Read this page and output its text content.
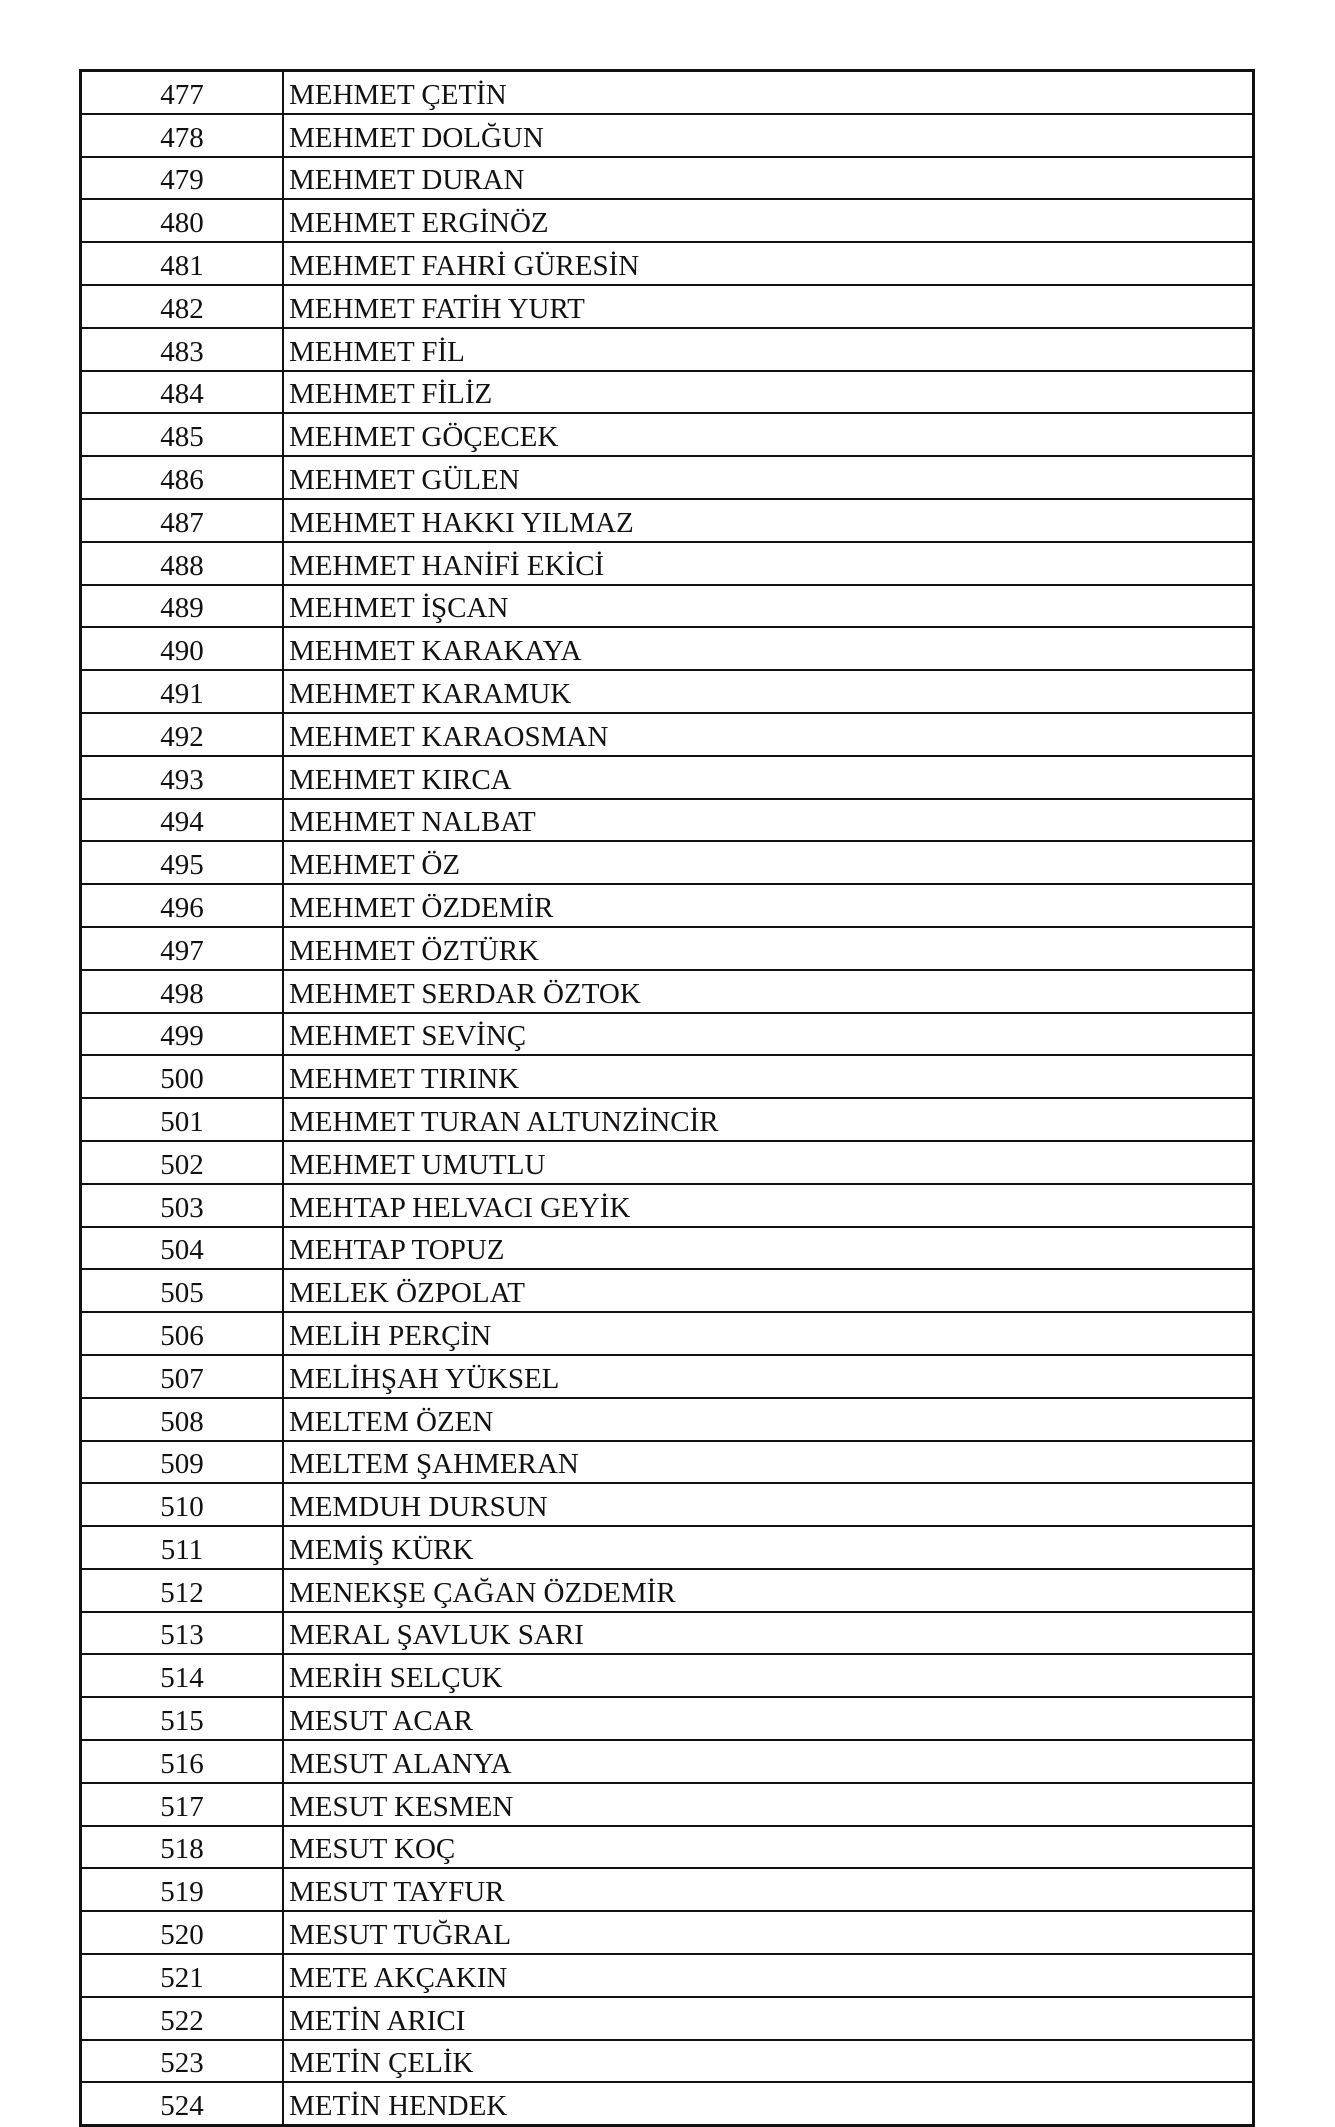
477	MEHMET ÇETİN
478	MEHMET DOLĞUN
479	MEHMET DURAN
480	MEHMET ERGİNÖZ
481	MEHMET FAHRİ GÜRESİN
482	MEHMET FATİH YURT
483	MEHMET FİL
484	MEHMET FİLİZ
485	MEHMET GÖÇECEK
486	MEHMET GÜLEN
487	MEHMET HAKKI YILMAZ
488	MEHMET HANİFİ EKİCİ
489	MEHMET İŞCAN
490	MEHMET KARAKAYA
491	MEHMET KARAMUK
492	MEHMET KARAOSMAN
493	MEHMET KIRCA
494	MEHMET NALBAT
495	MEHMET ÖZ
496	MEHMET ÖZDEMİR
497	MEHMET ÖZTÜRK
498	MEHMET SERDAR ÖZTOK
499	MEHMET SEVİNÇ
500	MEHMET TIRINK
501	MEHMET TURAN ALTUNZİNCİR
502	MEHMET UMUTLU
503	MEHTAP HELVACI GEYİK
504	MEHTAP TOPUZ
505	MELEK ÖZPOLAT
506	MELİH PERÇİN
507	MELİHŞAH YÜKSEL
508	MELTEM ÖZEN
509	MELTEM ŞAHMERAN
510	MEMDUH DURSUN
511	MEMİŞ KÜRK
512	MENEKŞE ÇAĞAN ÖZDEMİR
513	MERAL ŞAVLUK SARI
514	MERİH SELÇUK
515	MESUT ACAR
516	MESUT ALANYA
517	MESUT KESMEN
518	MESUT KOÇ
519	MESUT TAYFUR
520	MESUT TUĞRAL
521	METE AKÇAKIN
522	METİN ARICI
523	METİN ÇELİK
524	METİN HENDEK
